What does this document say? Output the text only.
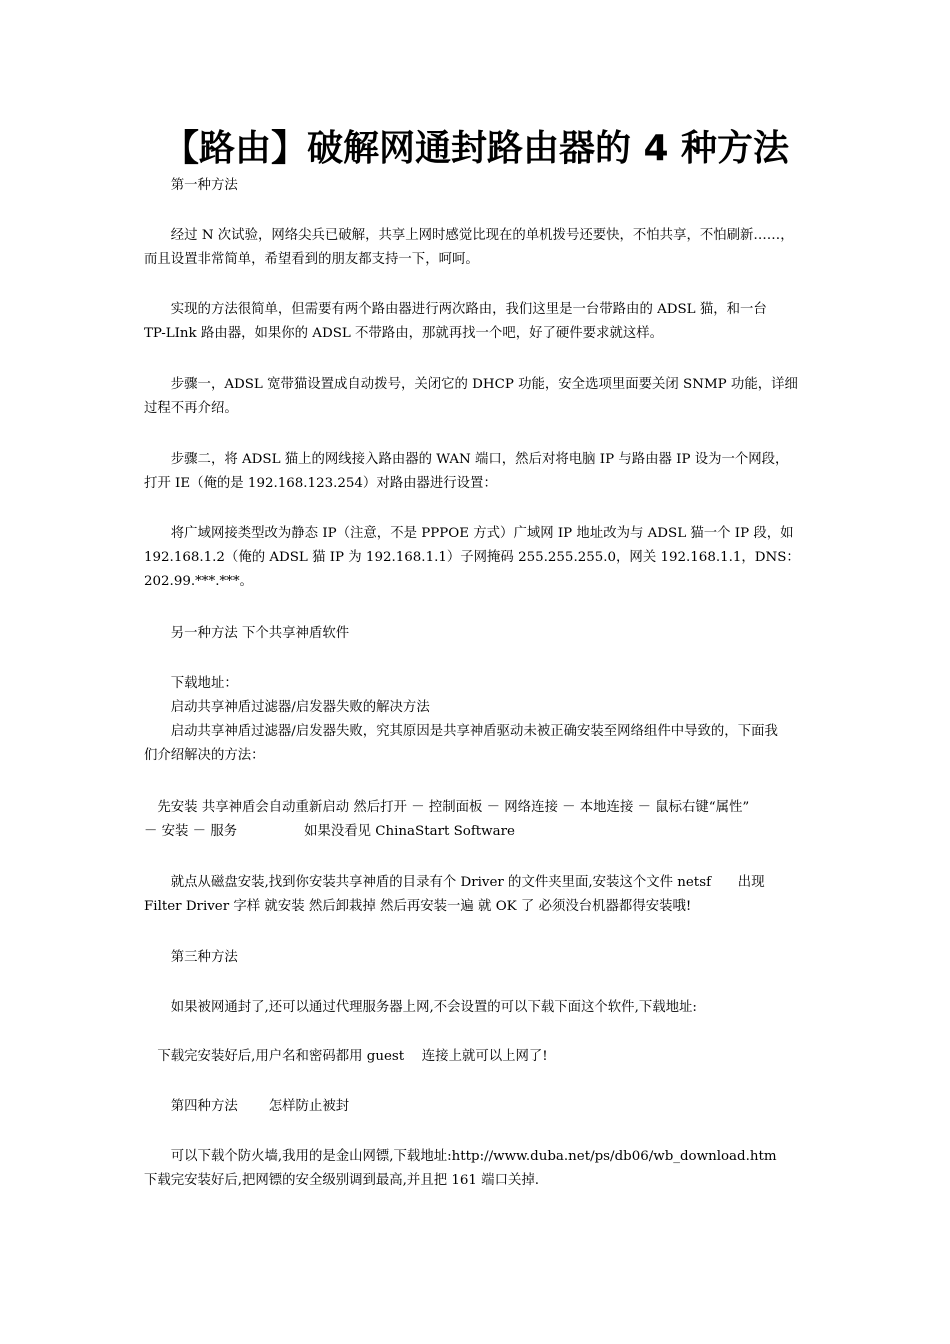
【路由】破解网通封路由器的 4 种方法
　　第一种方法
　　经过 N 次试验，网络尖兵已破解，共享上网时感觉比现在的单机拨号还要快，不怕共享，不怕刷新……，
而且设置非常简单，希望看到的朋友都支持一下，呵呵。
　　实现的方法很简单，但需要有两个路由器进行两次路由，我们这里是一台带路由的 ADSL 猫，和一台
TP-LInk 路由器，如果你的 ADSL 不带路由，那就再找一个吧，好了硬件要求就这样。
　　步骤一，ADSL 宽带猫设置成自动拨号，关闭它的 DHCP 功能，安全选项里面要关闭 SNMP 功能，详细
过程不再介绍。
　　步骤二，将 ADSL 猫上的网线接入路由器的 WAN 端口，然后对将电脑 IP 与路由器 IP 设为一个网段，
打开 IE（俺的是 192.168.123.254）对路由器进行设置：
　　将广域网接类型改为静态 IP（注意，不是 PPPOE 方式）广域网 IP 地址改为与 ADSL 猫一个 IP 段，如
192.168.1.2（俺的 ADSL 猫 IP 为 192.168.1.1）子网掩码 255.255.255.0，网关 192.168.1.1，DNS：
202.99.***.***。
　　另一种方法 下个共享神盾软件
　　下载地址：
　　启动共享神盾过滤器/启发器失败的解决方法
　　启动共享神盾过滤器/启发器失败，究其原因是共享神盾驱动未被正确安装至网络组件中导致的，下面我
们介绍解决的方法：
　先安装 共享神盾会自动重新启动 然后打开 － 控制面板 － 网络连接 － 本地连接 － 鼠标右键“属性”
－ 安装 － 服务　　　　　如果没看见 ChinaStart Software
　　就点从磁盘安装,找到你安装共享神盾的目录有个 Driver 的文件夹里面,安装这个文件 netsf　　出现
Filter Driver 字样 就安装 然后卸栽掉 然后再安装一遍 就 OK 了 必须没台机器都得安装哦!
　　第三种方法
　　如果被网通封了,还可以通过代理服务器上网,不会设置的可以下载下面这个软件,下载地址:
　下载完安装好后,用户名和密码都用 guest　 连接上就可以上网了!
　　第四种方法　　 怎样防止被封
　　可以下载个防火墙,我用的是金山网镖,下载地址:http://www.duba.net/ps/db06/wb_download.htm
下载完安装好后,把网镖的安全级别调到最高,并且把 161 端口关掉.
